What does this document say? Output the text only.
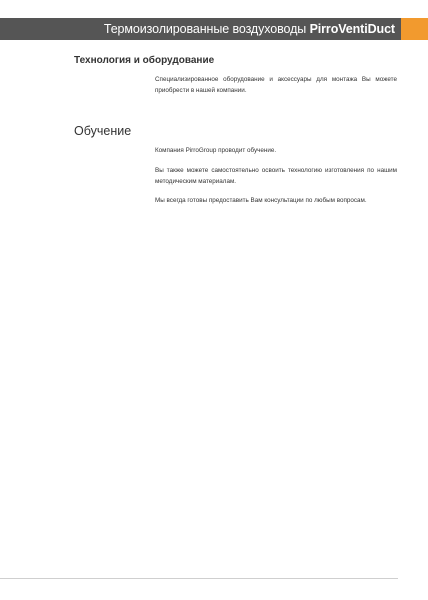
Термоизолированные воздуховоды PirroVentiDuct
Технология и оборудование

Специализированное оборудование и аксессуары для монтажа Вы можете приобрести в нашей компании.

Обучение

Компания PirroGroup проводит обучение.

Вы также можете самостоятельно освоить технологию изготовления по нашим методическим материалам.

Мы всегда готовы предоставить Вам консультации по любым вопросам.
